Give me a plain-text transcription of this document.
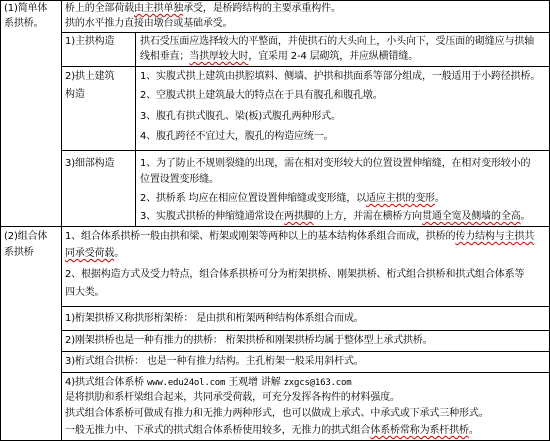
(1)简单体
系拱桥。
桥上的全部荷载由主拱单独承受，是桥跨结构的主要承重构件。
拱的水平推力直接由墩台或基础承受。
1)主拱构造	拱石受压面应选择较大的平整面，并使拱石的大头向上，小头向下，受压面的砌缝应与拱轴
线相垂直；当拱厚较大时，宜采用 2-4 层砌筑，并应纵横错缝。
2)拱上建筑
构造
1、实腹式拱上建筑由拱腔填料、侧墙、护拱和拱面系等部分组成，一般适用于小跨径拱桥。
2、空腹式拱上建筑最大的特点在于具有腹孔和腹孔墩。
3、腹孔有拱式腹孔、梁(板)式腹孔两种形式。
4、腹孔跨径不宜过大，腹孔的构造应统一。
3)细部构造	1、为了防止不规则裂缝的出现，需在相对变形较大的位置设置伸缩缝，在相对变形较小的
位置设置变形缝。
2、拱桥系 均应在相应位置设置伸缩缝或变形缝，以适应主拱的变形。
3、实腹式拱桥的伸缩缝通常设在两拱脚的上方，并需在横桥方向贯通全宽及侧墙的全高。
(2)组合体
系拱桥
1、组合体系拱桥一般由拱和梁、桁架或刚架等两种以上的基本结构体系组合而成，拱桥的传力结构与主拱共
同承受荷载。
2、根据构造方式及受力特点，组合体系拱桥可分为桁架拱桥、刚架拱桥、桁式组合拱桥和拱式组合体系等
四大类。
1)桁架拱桥又称拱形桁架桥： 是由拱和桁架两种结构体系组合而成。
2)刚架拱桥也是一种有推力的拱桥： 桁架拱桥和刚架拱桥均属于整体型上承式拱桥。
3)桁式组合拱桥： 也是一种有推力结构。主孔桁架一般采用斜杆式。
4)拱式组合体系桥 www.edu24ol.com 王观增 讲解 zxgcs@163.com
是将拱肋和系杆梁组合起来，共同承受荷载，可充分发挥各构件的材料强度。
拱式组合体系桥可做成有推力和无推力两种形式，也可以做成上承式、中承式或下承式三种形式。
一般无推力中、下承式的拱式组合体系桥使用较多，无推力的拱式组合体系桥常称为系杆拱桥。
